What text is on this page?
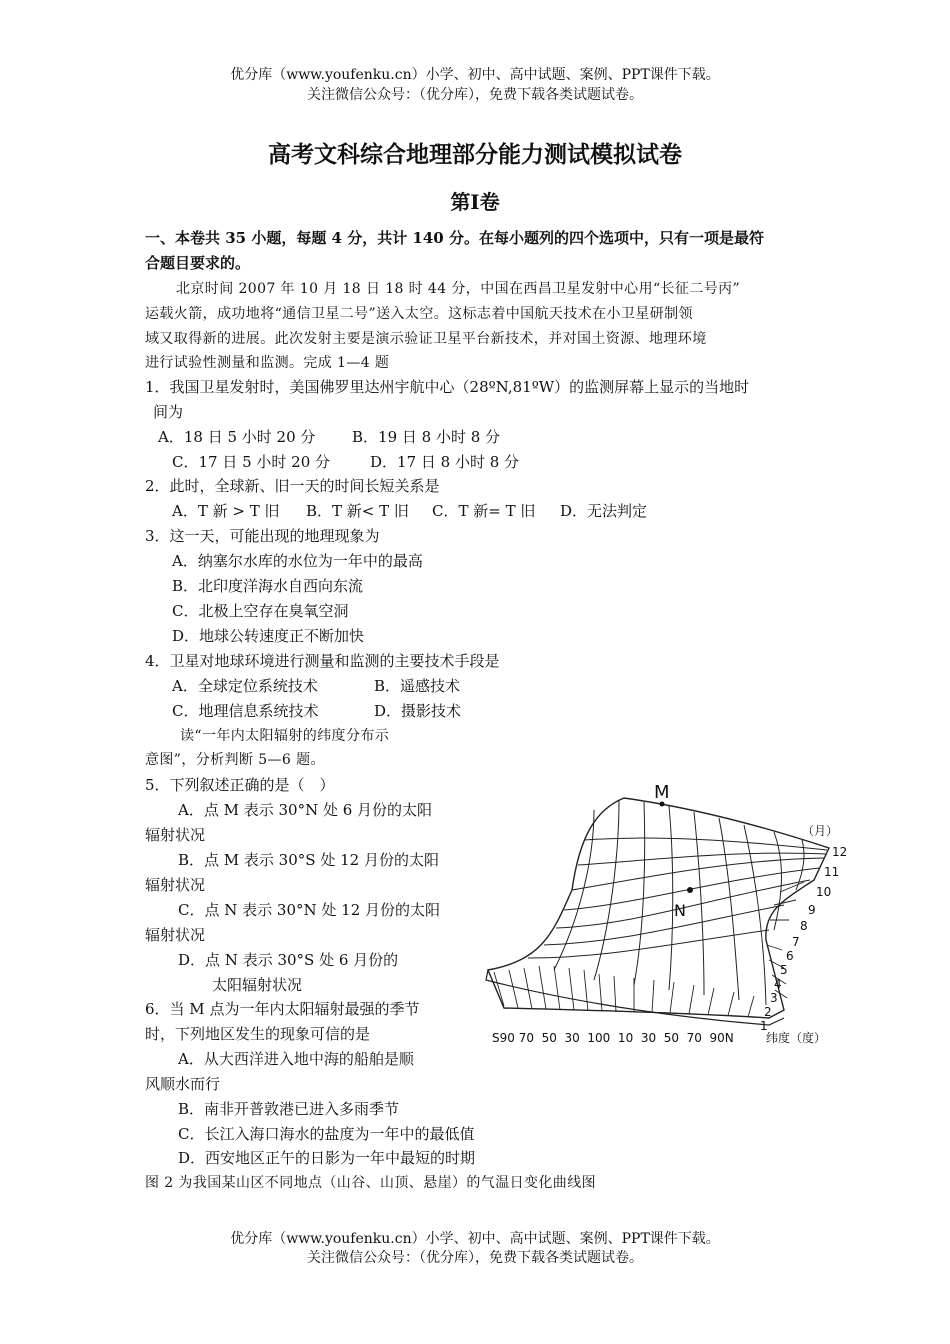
优分库（www.youfenku.cn）小学、初中、高中试题、案例、PPT课件下载。
关注微信公众号：（优分库），免费下载各类试题试卷。
高考文科综合地理部分能力测试模拟试卷
第I卷
一、本卷共 35 小题，每题 4 分，共计 140 分。在每小题列的四个选项中，只有一项是最符
合题目要求的。
北京时间 2007 年 10 月 18 日 18 时 44 分，中国在西昌卫星发射中心用“长征二号丙”
运载火箭，成功地将“通信卫星二号”送入太空。这标志着中国航天技术在小卫星研制领
域又取得新的进展。此次发射主要是演示验证卫星平台新技术，并对国土资源、地理环境
进行试验性测量和监测。完成 1—4 题
1．我国卫星发射时，美国佛罗里达州宇航中心（28ºN,81ºW）的监测屏幕上显示的当地时
间为
A．18 日 5 小时 20 分 B．19 日 8 小时 8 分
C．17 日 5 小时 20 分	D．17 日 8 小时 8 分
2．此时，全球新、旧一天的时间长短关系是
A．T 新 > T 旧 B．T 新< T 旧 C．T 新= T 旧 D．无法判定
3．这一天，可能出现的地理现象为
A．纳塞尔水库的水位为一年中的最高
B．北印度洋海水自西向东流
C．北极上空存在臭氧空洞
D．地球公转速度正不断加快
4．卫星对地球环境进行测量和监测的主要技术手段是
A．全球定位系统技术	B．遥感技术
C．地理信息系统技术	D．摄影技术
读“一年内太阳辐射的纬度分布示
意图”，分析判断 5—6 题。
5．下列叙述正确的是（　）
A．点 M 表示 30°N 处 6 月份的太阳
辐射状况
B．点 M 表示 30°S 处 12 月份的太阳
辐射状况
C．点 N 表示 30°N 处 12 月份的太阳
辐射状况
D．点 N 表示 30°S 处 6 月份的
太阳辐射状况
6．当 M 点为一年内太阳辐射最强的季节
时，下列地区发生的现象可信的是
A．从大西洋进入地中海的船舶是顺
风顺水而行
B．南非开普敦港已进入多雨季节
C．长江入海口海水的盐度为一年中的最低值
D．西安地区正午的日影为一年中最短的时期
图 2 为我国某山区不同地点（山谷、山顶、悬崖）的气温日变化曲线图
M
N
（月）
12
11
10
9
8
7
6
5
4
3
2
1
S90 70  50  30  100  10  30  50  70  90N	纬度（度）
优分库（www.youfenku.cn）小学、初中、高中试题、案例、PPT课件下载。
关注微信公众号：（优分库），免费下载各类试题试卷。
